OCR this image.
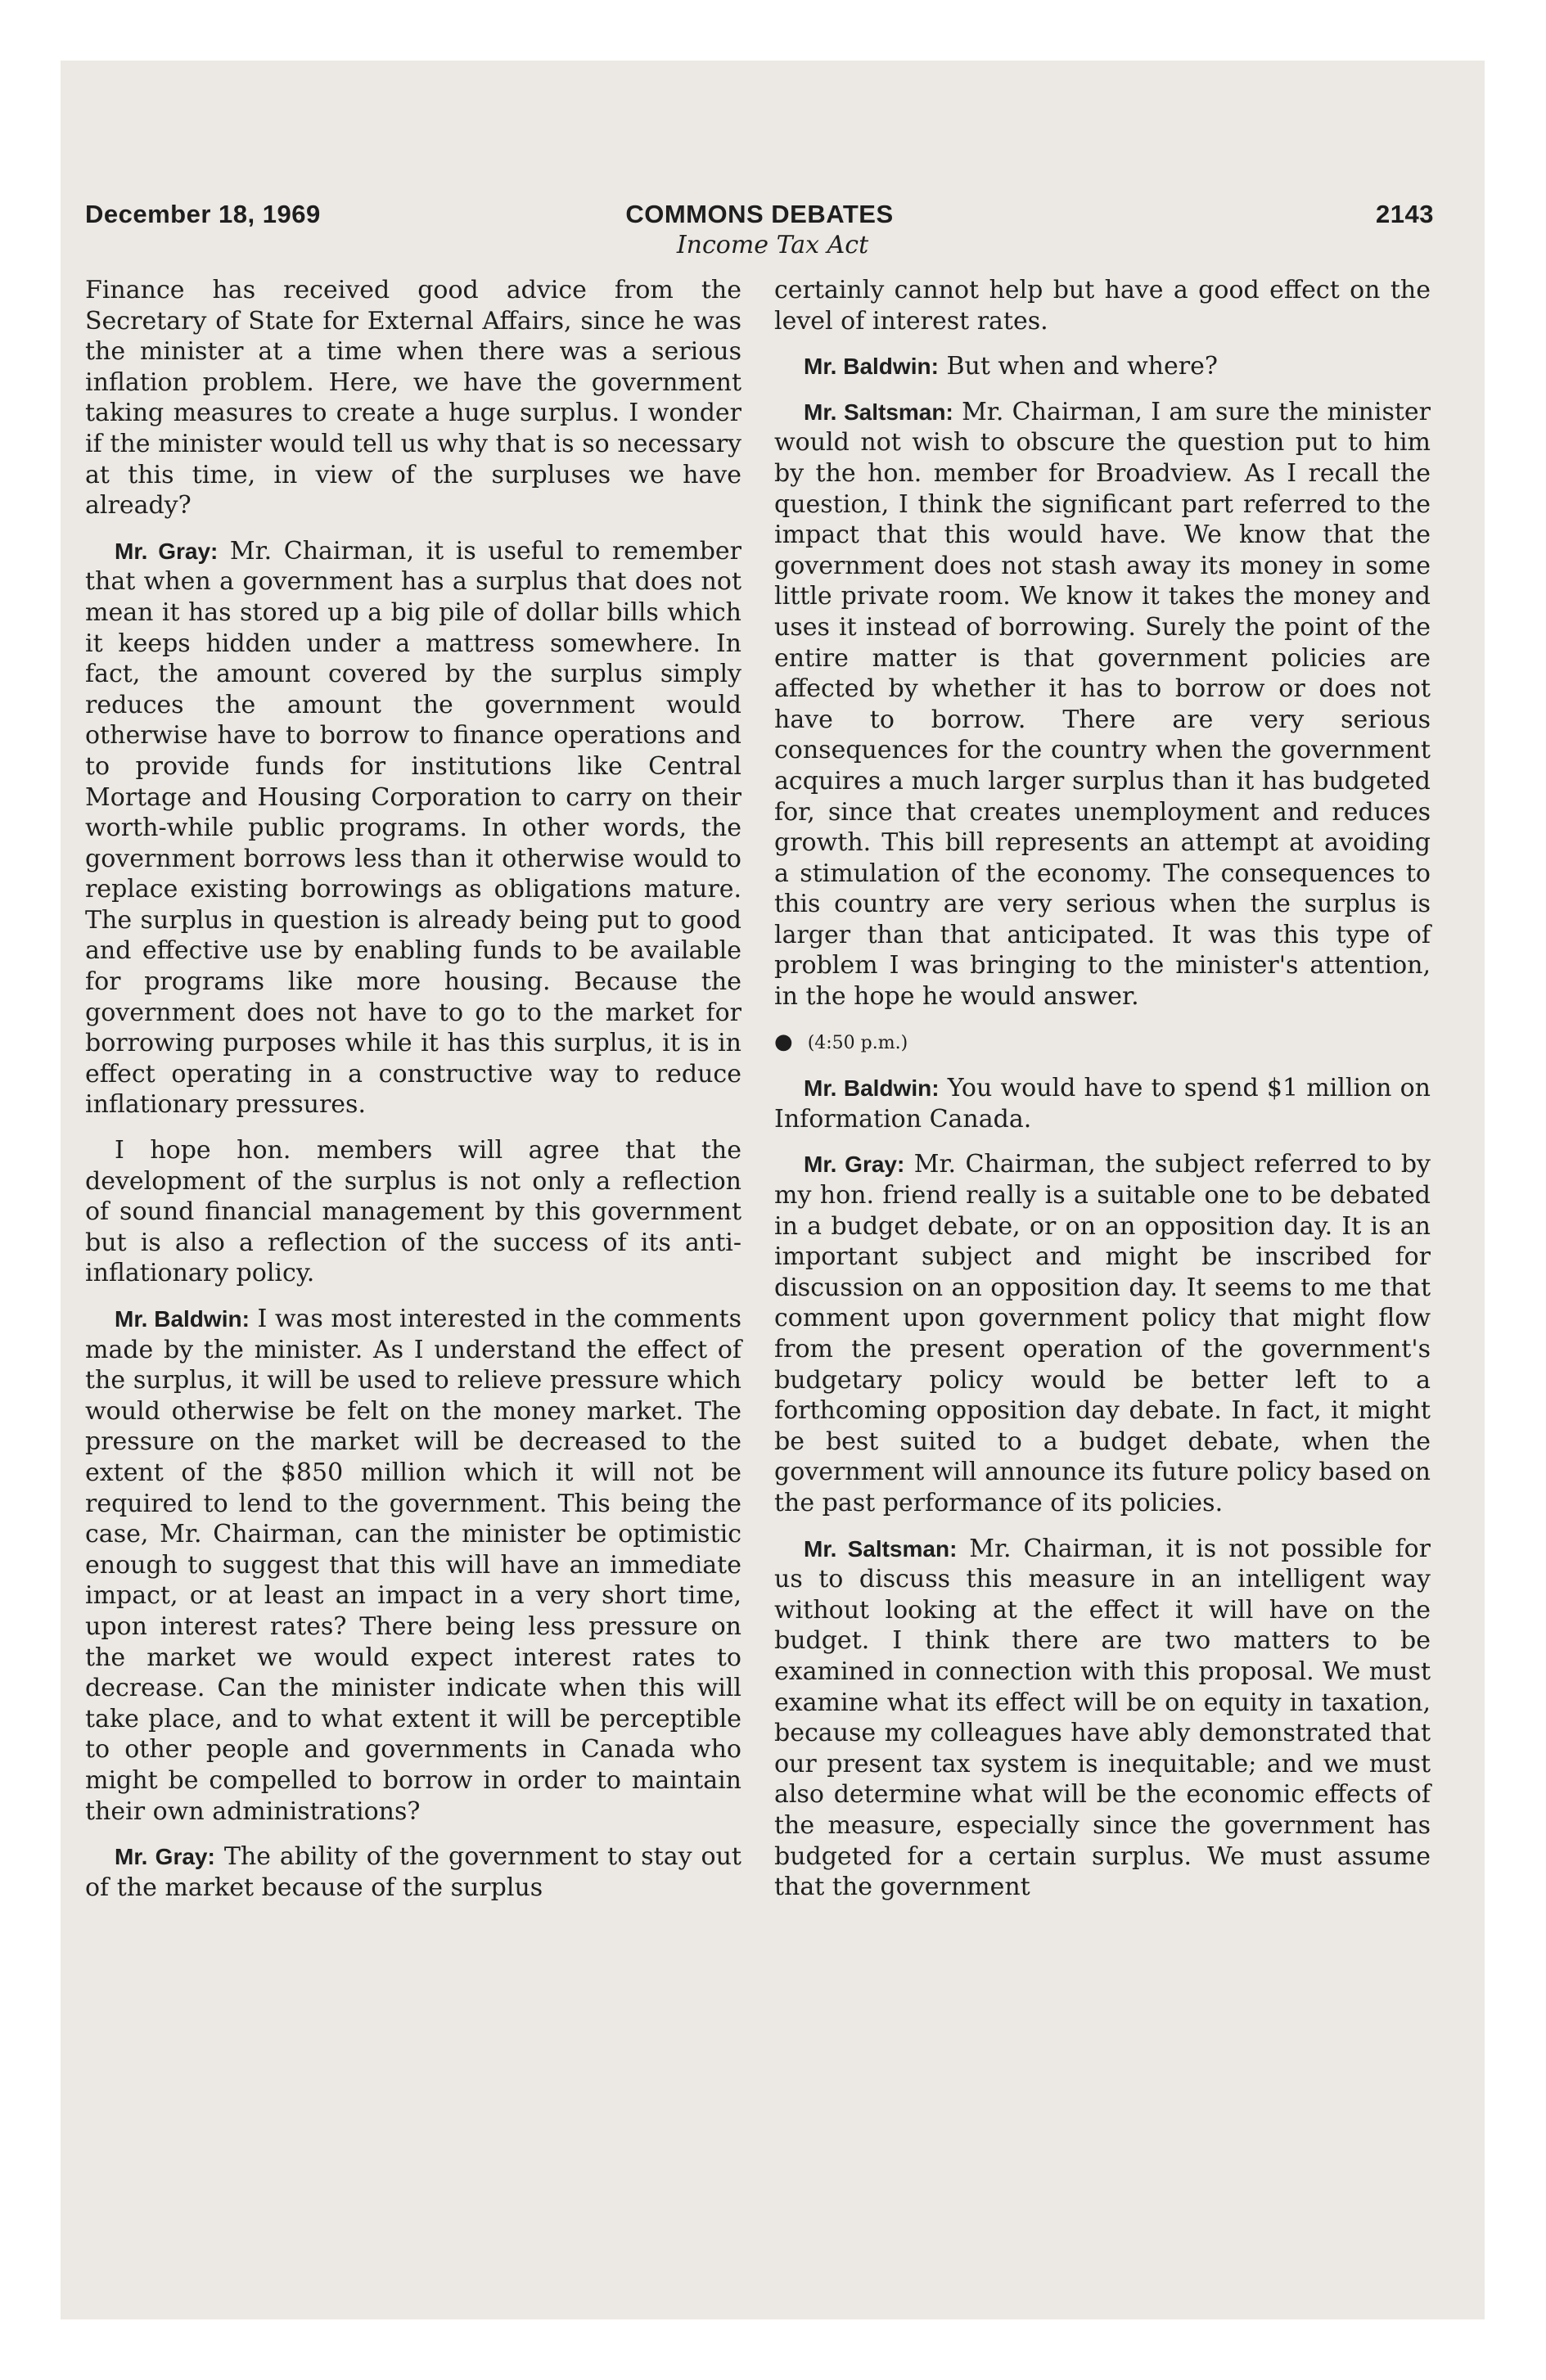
December 18, 1969	COMMONS DEBATES	2143
Income Tax Act

Finance has received good advice from the Secretary of State for External Affairs, since he was the minister at a time when there was a serious inflation problem. Here, we have the government taking measures to create a huge surplus. I wonder if the minister would tell us why that is so necessary at this time, in view of the surpluses we have already?

Mr. Gray: Mr. Chairman, it is useful to remember that when a government has a surplus that does not mean it has stored up a big pile of dollar bills which it keeps hidden under a mattress somewhere. In fact, the amount covered by the surplus simply reduces the amount the government would otherwise have to borrow to finance operations and to provide funds for institutions like Central Mortage and Housing Corporation to carry on their worth-while public programs. In other words, the government borrows less than it otherwise would to replace existing borrowings as obligations mature. The surplus in question is already being put to good and effective use by enabling funds to be available for programs like more housing. Because the government does not have to go to the market for borrowing purposes while it has this surplus, it is in effect operating in a constructive way to reduce inflationary pressures.

I hope hon. members will agree that the development of the surplus is not only a reflection of sound financial management by this government but is also a reflection of the success of its anti-inflationary policy.

Mr. Baldwin: I was most interested in the comments made by the minister. As I understand the effect of the surplus, it will be used to relieve pressure which would otherwise be felt on the money market. The pressure on the market will be decreased to the extent of the $850 million which it will not be required to lend to the government. This being the case, Mr. Chairman, can the minister be optimistic enough to suggest that this will have an immediate impact, or at least an impact in a very short time, upon interest rates? There being less pressure on the market we would expect interest rates to decrease. Can the minister indicate when this will take place, and to what extent it will be perceptible to other people and governments in Canada who might be compelled to borrow in order to maintain their own administrations?

Mr. Gray: The ability of the government to stay out of the market because of the surplus

certainly cannot help but have a good effect on the level of interest rates.

Mr. Baldwin: But when and where?

Mr. Saltsman: Mr. Chairman, I am sure the minister would not wish to obscure the question put to him by the hon. member for Broadview. As I recall the question, I think the significant part referred to the impact that this would have. We know that the government does not stash away its money in some little private room. We know it takes the money and uses it instead of borrowing. Surely the point of the entire matter is that government policies are affected by whether it has to borrow or does not have to borrow. There are very serious consequences for the country when the government acquires a much larger surplus than it has budgeted for, since that creates unemployment and reduces growth. This bill represents an attempt at avoiding a stimulation of the economy. The consequences to this country are very serious when the surplus is larger than that anticipated. It was this type of problem I was bringing to the minister's attention, in the hope he would answer.

● (4:50 p.m.)

Mr. Baldwin: You would have to spend $1 million on Information Canada.

Mr. Gray: Mr. Chairman, the subject referred to by my hon. friend really is a suitable one to be debated in a budget debate, or on an opposition day. It is an important subject and might be inscribed for discussion on an opposition day. It seems to me that comment upon government policy that might flow from the present operation of the government's budgetary policy would be better left to a forthcoming opposition day debate. In fact, it might be best suited to a budget debate, when the government will announce its future policy based on the past performance of its policies.

Mr. Saltsman: Mr. Chairman, it is not possible for us to discuss this measure in an intelligent way without looking at the effect it will have on the budget. I think there are two matters to be examined in connection with this proposal. We must examine what its effect will be on equity in taxation, because my colleagues have ably demonstrated that our present tax system is inequitable; and we must also determine what will be the economic effects of the measure, especially since the government has budgeted for a certain surplus. We must assume that the government
